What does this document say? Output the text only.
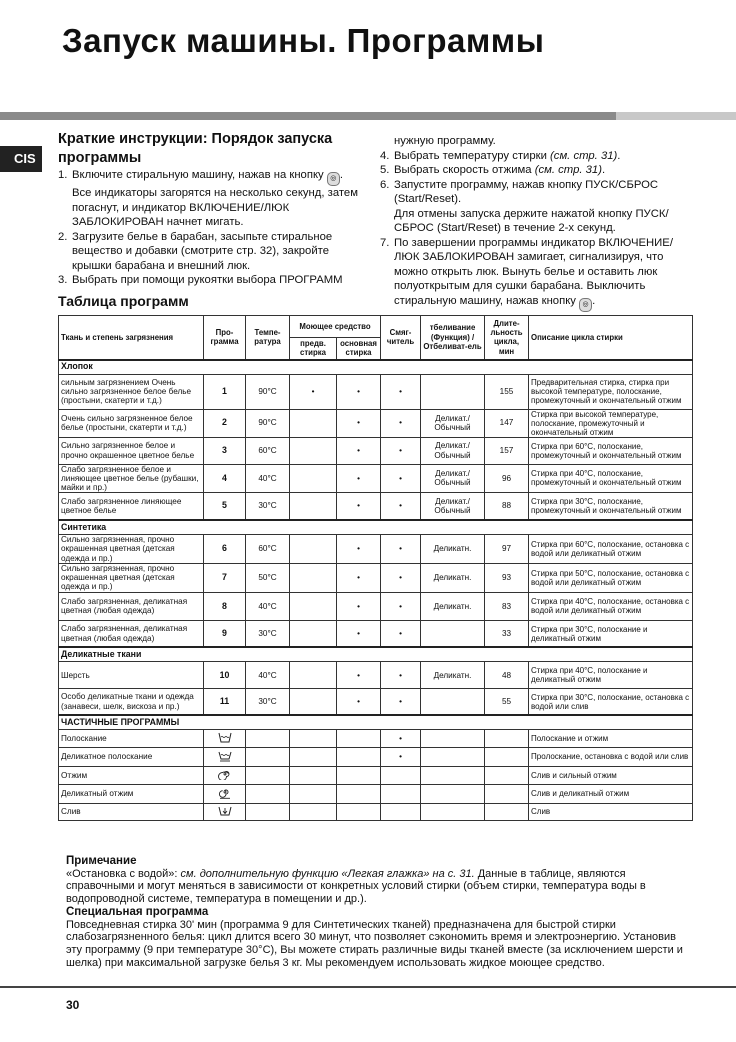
Запуск машины. Программы
CIS
Краткие инструкции: Порядок запуска программы
1. Включите стиральную машину, нажав на кнопку ◎ . Все индикаторы загорятся на несколько секунд, затем погаснут, и индикатор ВКЛЮЧЕНИЕ/ЛЮК ЗАБЛОКИРОВАН начнет мигать.
2. Загрузите белье в барабан, засыпьте стиральное вещество и добавки (смотрите стр. 32), закройте крышки барабана и внешний люк.
3. Выбрать при помощи рукоятки выбора ПРОГРАММ
нужную программу.
4. Выбрать температуру стирки (см. стр. 31).
5. Выбрать скорость отжима (см. стр. 31).
6. Запустите программу, нажав кнопку ПУСК/СБРОС (Start/Reset).
Для отмены запуска держите нажатой кнопку ПУСК/СБРОС (Start/Reset) в течение 2-х секунд.
7. По завершении программы индикатор ВКЛЮЧЕНИЕ/ЛЮК ЗАБЛОКИРОВАН замигает, сигнализируя, что можно открыть люк. Вынуть белье и оставить люк полуоткрытым для сушки барабана. Выключить стиральную машину, нажав кнопку ◎ .
Таблица программ
Ткань и степень загрязнения	Про-грамма	Темпе-ратура	Моющее средство		Смяг-читель	тбеливание (Функция) / Отбеливат-ель	Длите-льность цикла, мин	Описание цикла стирки
			предв. стирка	основная стирка				
Хлопок								
сильным загрязнением Очень сильно загрязненное белое белье (простыни, скатерти и т.д.)	1	90°C	•	•	•		155	Предварительная стирка, стирка при высокой температуре, полоскание, промежуточный и окончательный отжим
Очень сильно загрязненное белое белье (простыни, скатерти и т.д.)	2	90°C		•	•	Деликат./ Обычный	147	Стирка при высокой температуре, полоскание, промежуточный и окончательный отжим
Сильно загрязненное белое и прочно окрашенное цветное белье	3	60°C		•	•	Деликат./ Обычный	157	Стирка при 60°C, полоскание, промежуточный и окончательный отжим
Слабо загрязненное белое и линяющее цветное белье (рубашки, майки и пр.)	4	40°C		•	•	Деликат./ Обычный	96	Стирка при 40°C, полоскание, промежуточный и окончательный отжим
Слабо загрязненное линяющее цветное белье	5	30°C		•	•	Деликат./ Обычный	88	Стирка при 30°C, полоскание, промежуточный и окончательный отжим
Синтетика								
Сильно загрязненная, прочно окрашенная цветная (детская одежда и пр.)	6	60°C		•	•	Деликатн.	97	Стирка при 60°C, полоскание, остановка с водой или деликатный отжим
Сильно загрязненная, прочно окрашенная цветная (детская одежда и пр.)	7	50°C		•	•	Деликатн.	93	Стирка при 50°C, полоскание, остановка с водой или деликатный отжим
Слабо загрязненная, деликатная цветная (любая одежда)	8	40°C		•	•	Деликатн.	83	Стирка при 40°C, полоскание, остановка с водой или деликатный отжим
Слабо загрязненная, деликатная цветная (любая одежда)	9	30°C		•	•		33	Стирка при 30°C, полоскание и деликатный отжим
Деликатные ткани								
Шерсть	10	40°C		•	•	Деликатн.	48	Стирка при 40°C, полоскание и деликатный отжим
Особо деликатные ткани и одежда (занавеси, шелк, вискоза и пр.)	11	30°C		•	•		55	Стирка при 30°C, полоскание, остановка с водой или слив
ЧАСТИЧНЫЕ ПРОГРАММЫ								
Полоскание					•			Полоскание и отжим
Деликатное полоскание					•			Пpoлocкaниe, ocтaнoвкa c вoдoй или cлив
Отжим								Слив и сильный отжим
Деликатный отжим								Слив и деликатный отжим
Слив								Слив
Примечание

«Остановка с водой»: см. дополнительную функцию «Легкая глажка» на с. 31. Данные в таблице, являются справочными и могут меняться в зависимости от конкретных условий стирки (объем стирки, температура воды в водопроводной системе, температура в помещении и др.).

Специальная программа

Повседневная стирка 30' мин (программа 9 для Синтетических тканей) предназначена для быстрой стирки слабозагрязненного белья: цикл длится всего 30 минут, что позволяет сэкономить время и электроэнергию. Установив эту программу (9 при температуре 30°C), Вы можете стирать различные виды тканей вместе (за исключением шерсти и шелка) при максимальной загрузке белья 3 кг. Мы рекомендуем использовать жидкое моющее средство.

30
